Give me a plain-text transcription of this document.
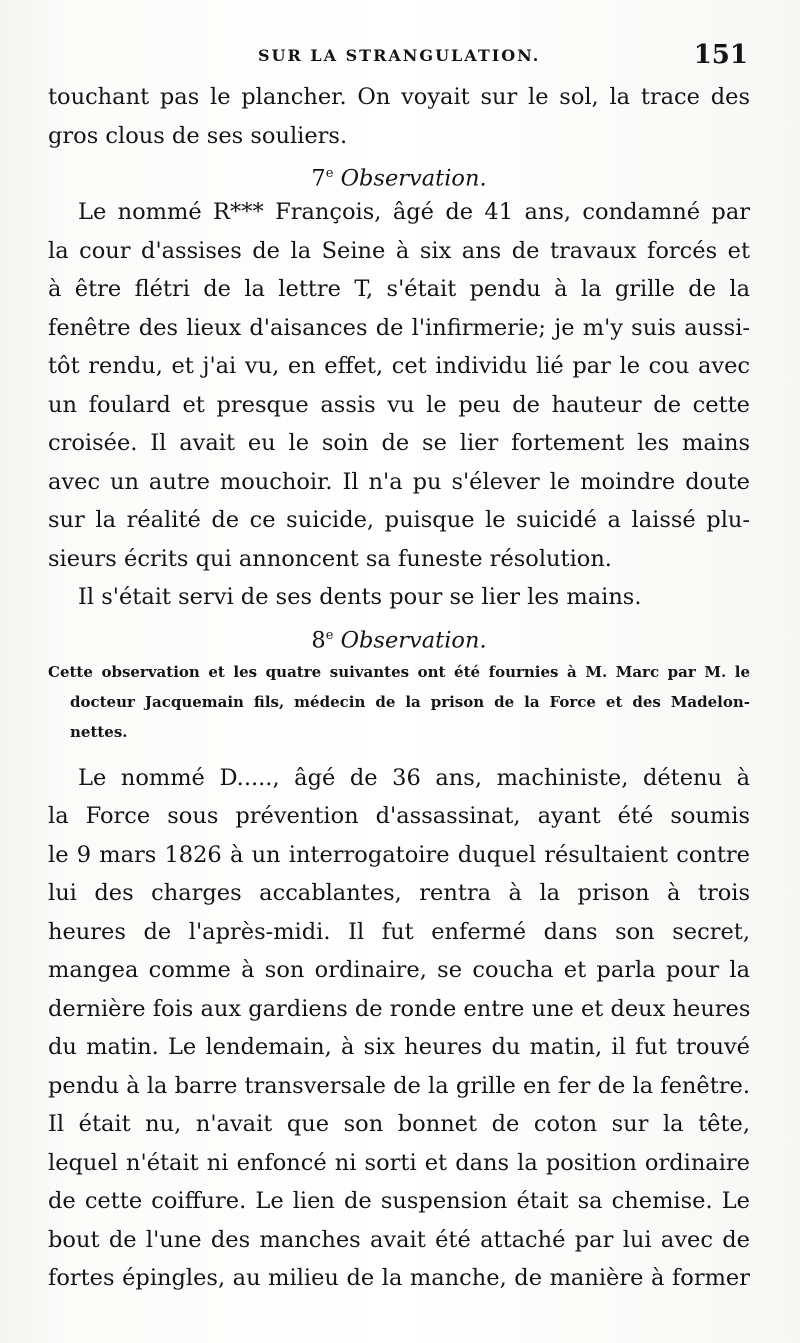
SUR LA STRANGULATION.	151
touchant pas le plancher. On voyait sur le sol, la trace des
gros clous de ses souliers.
7e Observation.
Le nommé R*** François, âgé de 41 ans, condamné par
la cour d'assises de la Seine à six ans de travaux forcés et
à être flétri de la lettre T, s'était pendu à la grille de la
fenêtre des lieux d'aisances de l'infirmerie; je m'y suis aussi-
tôt rendu, et j'ai vu, en effet, cet individu lié par le cou avec
un foulard et presque assis vu le peu de hauteur de cette
croisée. Il avait eu le soin de se lier fortement les mains
avec un autre mouchoir. Il n'a pu s'élever le moindre doute
sur la réalité de ce suicide, puisque le suicidé a laissé plu-
sieurs écrits qui annoncent sa funeste résolution.
Il s'était servi de ses dents pour se lier les mains.
8e Observation.
Cette observation et les quatre suivantes ont été fournies à M. Marc par M. le
docteur Jacquemain fils, médecin de la prison de la Force et des Madelon-
nettes.
Le nommé D....., âgé de 36 ans, machiniste, détenu à
la Force sous prévention d'assassinat, ayant été soumis
le 9 mars 1826 à un interrogatoire duquel résultaient contre
lui des charges accablantes, rentra à la prison à trois
heures de l'après-midi. Il fut enfermé dans son secret,
mangea comme à son ordinaire, se coucha et parla pour la
dernière fois aux gardiens de ronde entre une et deux heures
du matin. Le lendemain, à six heures du matin, il fut trouvé
pendu à la barre transversale de la grille en fer de la fenêtre.
Il était nu, n'avait que son bonnet de coton sur la tête,
lequel n'était ni enfoncé ni sorti et dans la position ordinaire
de cette coiffure. Le lien de suspension était sa chemise. Le
bout de l'une des manches avait été attaché par lui avec de
fortes épingles, au milieu de la manche, de manière à former
